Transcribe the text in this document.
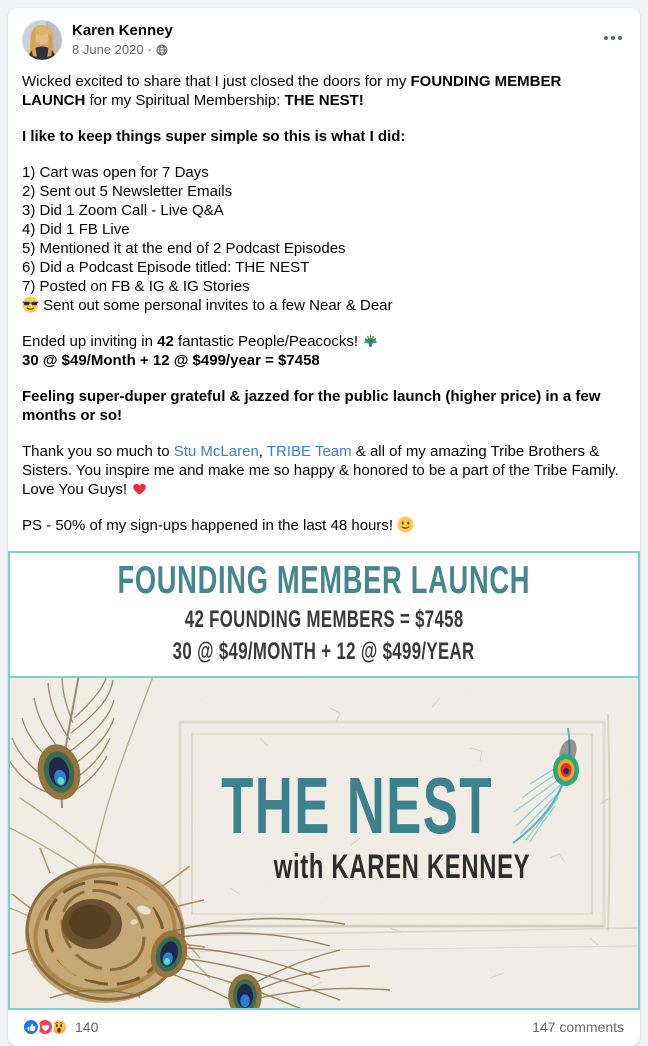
Karen Kenney
8 June 2020 ·

Wicked excited to share that I just closed the doors for my FOUNDING MEMBER LAUNCH for my Spiritual Membership: THE NEST!

I like to keep things super simple so this is what I did:

1) Cart was open for 7 Days
2) Sent out 5 Newsletter Emails
3) Did 1 Zoom Call - Live Q&A
4) Did 1 FB Live
5) Mentioned it at the end of 2 Podcast Episodes
6) Did a Podcast Episode titled: THE NEST
7) Posted on FB & IG & IG Stories
Sent out some personal invites to a few Near & Dear
Ended up inviting in 42 fantastic People/Peacocks!
30 @ $49/Month + 12 @ $499/year = $7458

Feeling super-duper grateful & jazzed for the public launch (higher price) in a few months or so!

Thank you so much to Stu McLaren, TRIBE Team & all of my amazing Tribe Brothers & Sisters. You inspire me and make me so happy & honored to be a part of the Tribe Family. Love You Guys!

PS - 50% of my sign-ups happened in the last 48 hours!

FOUNDING MEMBER LAUNCH
42 FOUNDING MEMBERS = $7458
30 @ $49/MONTH + 12 @ $499/YEAR
THE NEST
with KAREN KENNEY
140	147 comments
